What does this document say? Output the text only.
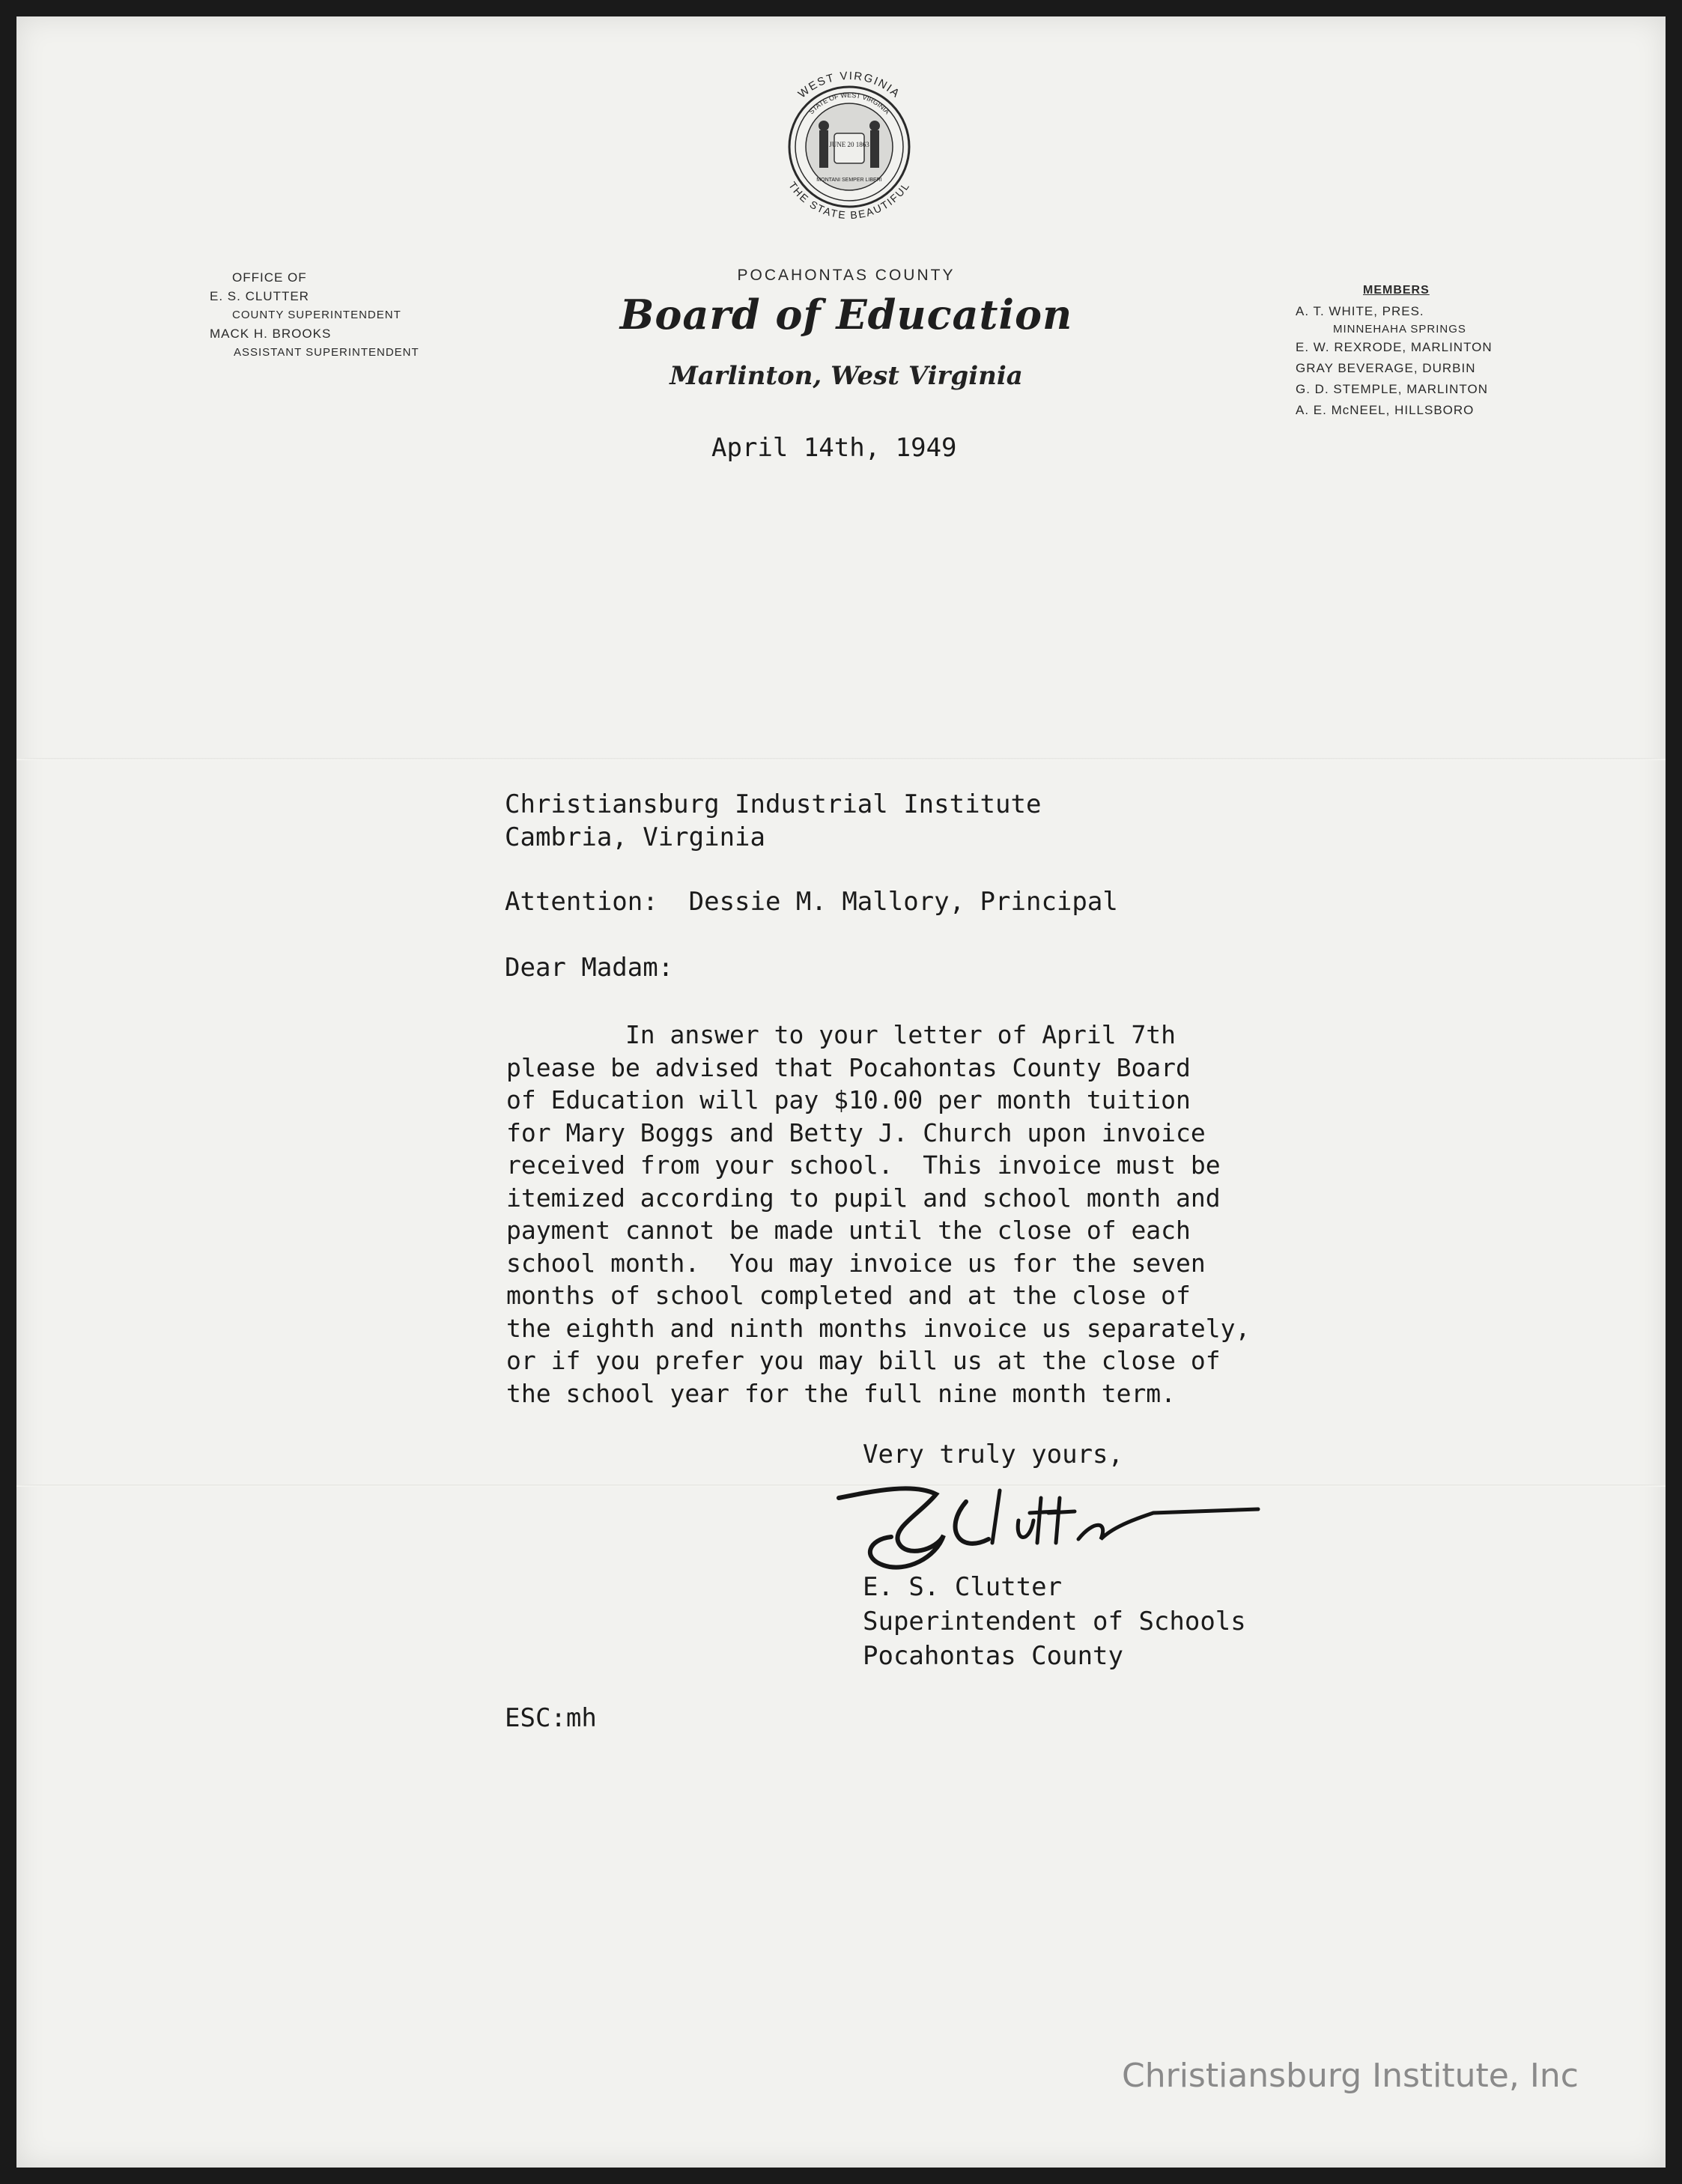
WEST VIRGINIA
THE STATE BEAUTIFUL
STATE OF WEST VIRGINIA
JUNE 20 1863
MONTANI SEMPER LIBERI
POCAHONTAS COUNTY
Board of Education
Marlinton, West Virginia
OFFICE OF
E. S. CLUTTER
COUNTY SUPERINTENDENT
MACK H. BROOKS
ASSISTANT SUPERINTENDENT
MEMBERS
A. T. WHITE, PRES.
MINNEHAHA SPRINGS
E. W. REXRODE, MARLINTON
GRAY BEVERAGE, DURBIN
G. D. STEMPLE, MARLINTON
A. E. McNEEL, HILLSBORO
April 14th, 1949
Christiansburg Industrial Institute
Cambria, Virginia
Attention:  Dessie M. Mallory, Principal
Dear Madam:
In answer to your letter of April 7th
please be advised that Pocahontas County Board
of Education will pay $10.00 per month tuition
for Mary Boggs and Betty J. Church upon invoice
received from your school.  This invoice must be
itemized according to pupil and school month and
payment cannot be made until the close of each
school month.  You may invoice us for the seven
months of school completed and at the close of
the eighth and ninth months invoice us separately,
or if you prefer you may bill us at the close of
the school year for the full nine month term.
Very truly yours,
E. S. Clutter
Superintendent of Schools
Pocahontas County
ESC:mh
Christiansburg Institute, Inc
